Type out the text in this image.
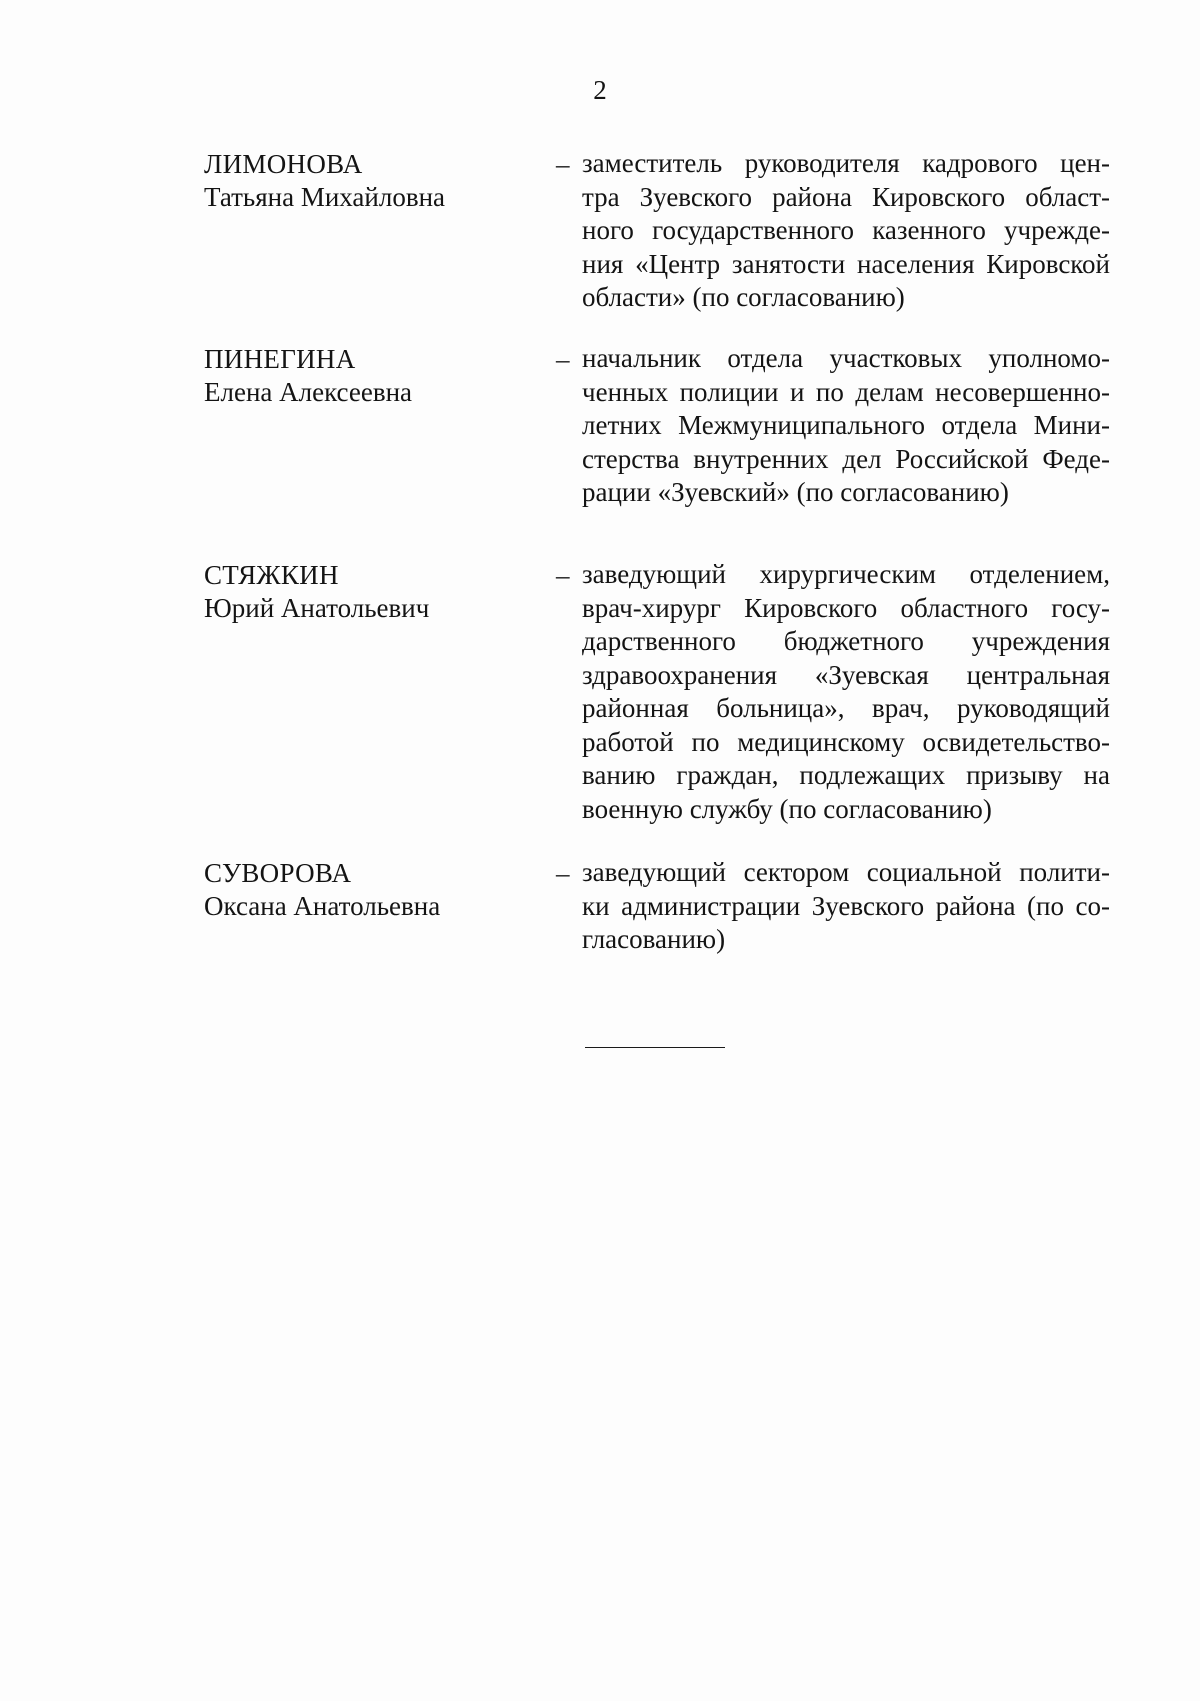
2
ЛИМОНОВА
Татьяна Михайловна
– заместитель руководителя кадрового цен-
тра Зуевского района Кировского област-
ного государственного казенного учрежде-
ния «Центр занятости населения Кировской
области» (по согласованию)
ПИНЕГИНА
Елена Алексеевна
– начальник отдела участковых уполномо-
ченных полиции и по делам несовершенно-
летних Межмуниципального отдела Мини-
стерства внутренних дел Российской Феде-
рации «Зуевский» (по согласованию)
СТЯЖКИН
Юрий Анатольевич
– заведующий хирургическим отделением,
врач-хирург Кировского областного госу-
дарственного бюджетного учреждения
здравоохранения «Зуевская центральная
районная больница», врач, руководящий
работой по медицинскому освидетельство-
ванию граждан, подлежащих призыву на
военную службу (по согласованию)
СУВОРОВА
Оксана Анатольевна
– заведующий сектором социальной полити-
ки администрации Зуевского района (по со-
гласованию)
